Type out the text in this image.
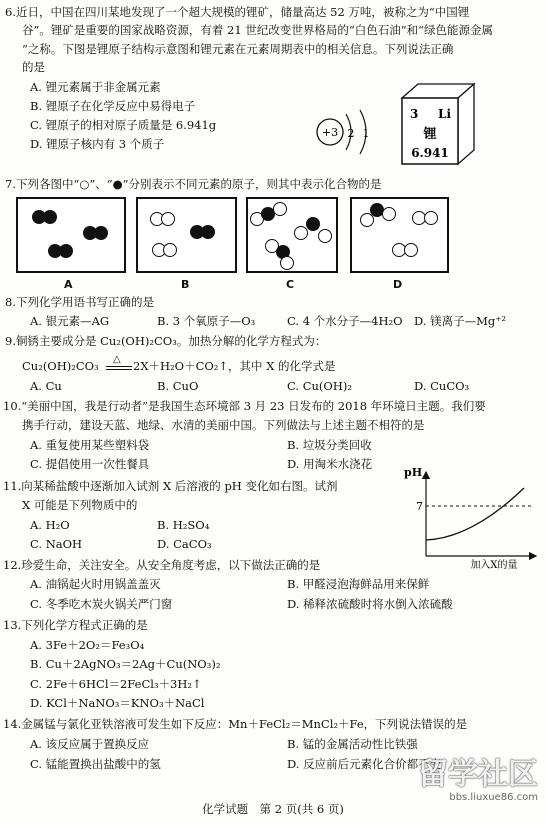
6.近日，中国在四川某地发现了一个超大规模的锂矿，储量高达 52 万吨，被称之为“中国锂
谷”。锂矿是重要的国家战略资源，有着 21 世纪改变世界格局的“白色石油”和“绿色能源金属
”之称。下图是锂原子结构示意图和锂元素在元素周期表中的相关信息。下列说法正确
的是
A. 锂元素属于非金属元素
B. 锂原子在化学反应中易得电子
C. 锂原子的相对原子质量是 6.941g
D. 锂原子核内有 3 个质子
+3 2 1
3 Li
锂
6.941
7.下列各图中“○”、“●”分别表示不同元素的原子，则其中表示化合物的是
A	B	C	D
8.下列化学用语书写正确的是
A. 银元素—AG	B. 3 个氧原子—O₃	C. 4 个水分子—4H₂O D. 镁离子—Mg⁺²
9.铜锈主要成分是 Cu₂(OH)₂CO₃。加热分解的化学方程式为：
Cu₂(OH)₂CO₃ △ 2X＋H₂O＋CO₂↑，其中 X 的化学式是
A. Cu	B. CuO	C. Cu(OH)₂	D. CuCO₃
10.“美丽中国，我是行动者”是我国生态环境部 3 月 23 日发布的 2018 年环境日主题。我们要
携手行动，建设天蓝、地绿、水清的美丽中国。下列做法与上述主题不相符的是
A. 重复使用某些塑料袋	B. 垃圾分类回收
C. 提倡使用一次性餐具	D. 用淘米水浇花
11.向某稀盐酸中逐渐加入试剂 X 后溶液的 pH 变化如右图。试剂
X 可能是下列物质中的
A. H₂O	B. H₂SO₄
C. NaOH	D. CaCO₃
pH
7
加入X的量
12.珍爱生命，关注安全。从安全角度考虑，以下做法正确的是
A. 油锅起火时用锅盖盖灭	B. 甲醛浸泡海鲜品用来保鲜
C. 冬季吃木炭火锅关严门窗	D. 稀释浓硫酸时将水倒入浓硫酸
13.下列化学方程式正确的是
A. 3Fe＋2O₂＝Fe₃O₄
B. Cu＋2AgNO₃＝2Ag＋Cu(NO₃)₂
C. 2Fe＋6HCl＝2FeCl₃＋3H₂↑
D. KCl＋NaNO₃＝KNO₃＋NaCl
14.金属锰与氯化亚铁溶液可发生如下反应：Mn＋FeCl₂＝MnCl₂＋Fe，下列说法错误的是
A. 该反应属于置换反应	B. 锰的金属活动性比铁强
C. 锰能置换出盐酸中的氢	D. 反应前后元素化合价都不变
化学试题　第 2 页(共 6 页)
留学社区
bbs.liuxue86.com
